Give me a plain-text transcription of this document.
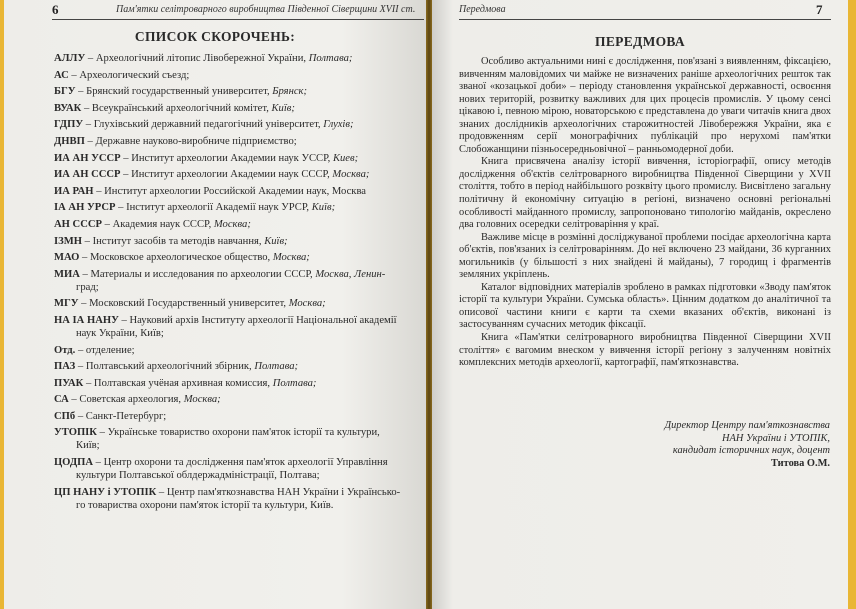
6	Пам'ятки селітроварного виробництва Південної Сіверщини XVII ст.
СПИСОК СКОРОЧЕНЬ:
АЛЛУ – Археологічний літопис Лівобережної України, Полтава;
АС – Археологический съезд;
БГУ – Брянский государственный университет, Брянск;
ВУАК – Всеукраїнський археологічний комітет, Київ;
ГДПУ – Глухівський державний педагогічний університет, Глухів;
ДНВП – Державне науково-виробниче підприємство;
ИА АН УССР – Институт археологии Академии наук УССР, Киев;
ИА АН СССР – Институт археологии Академии наук СССР, Москва;
ИА РАН – Институт археологии Российской Академии наук, Москва
ІА АН УРСР – Інститут археології Академії наук УРСР, Київ;
АН СССР – Академия наук СССР, Москва;
ІЗМН – Інститут засобів та методів навчання, Київ;
МАО – Московское археологическое общество, Москва;
МИА – Материалы и исследования по археологии СССР, Москва, Ленин-
град;
МГУ – Московский Государственный университет, Москва;
НА ІА НАНУ – Науковий архів Інституту археології Національної академії
наук України, Київ;
Отд. – отделение;
ПАЗ – Полтавський археологічний збірник, Полтава;
ПУАК – Полтавская учёная архивная комиссия, Полтава;
СА – Советская археология, Москва;
СПб – Санкт-Петербург;
УТОПІК – Українське товариство охорони пам'яток історії та культури,
Київ;
ЦОДПА – Центр охорони та дослідження пам'яток археології Управління
культури Полтавської облдержадміністрації, Полтава;
ЦП НАНУ і УТОПІК – Центр пам'яткознавства НАН України і Українсько-
го товариства охорони пам'яток історії та культури, Київ.
Передмова	7
ПЕРЕДМОВА

Особливо актуальними нині є дослідження, пов'язані з виявленням, фіксацією, вивченням маловідомих чи майже не визначених раніше археологічних решток так званої «козацької доби» – періоду становлення української державності, освоєння нових територій, розвитку важливих для цих процесів промислів. У цьому сенсі цікавою і, певною мірою, новаторською є представлена до уваги читачів книга двох знаних дослідників археологічних старожитностей Лівобережжя України, яка є продовженням серії монографічних публікацій про нерухомі пам'ятки Слобожанщини пізньосередньовічної – ранньомодерної доби.

Книга присвячена аналізу історії вивчення, історіографії, опису методів дослідження об'єктів селітроварного виробництва Південної Сіверщини у XVII століття, тобто в період найбільшого розквіту цього промислу. Висвітлено загальну політичну й економічну ситуацію в регіоні, визначено основні регіональні особливості майданного промислу, запропоновано типологію майданів, окреслено два головних осередки селітроваріння у краї.

Важливе місце в розмінні досліджуваної проблеми посідає археологічна карта об'єктів, пов'язаних із селітроварінням. До неї включено 23 майдани, 36 курганних могильників (у більшості з них знайдені й майданы), 7 городищ і фрагментів земляних укріплень.

Каталог відповідних матеріалів зроблено в рамках підготовки «Зводу пам'яток історії та культури України. Сумська область». Цінним додатком до аналітичної та описової частини книги є карти та схеми вказаних об'єктів, виконані із застосуванням сучасних методик фіксації.

Книга «Пам'ятки селітроварного виробництва Південної Сіверщини XVII століття» є вагомим внеском у вивчення історії регіону з залученням новітніх комплексних методів археології, картографії, пам'яткознавства.

Директор Центру пам'яткознавства
НАН України і УТОПІК,
кандидат історичних наук, доцент
Титова О.М.
